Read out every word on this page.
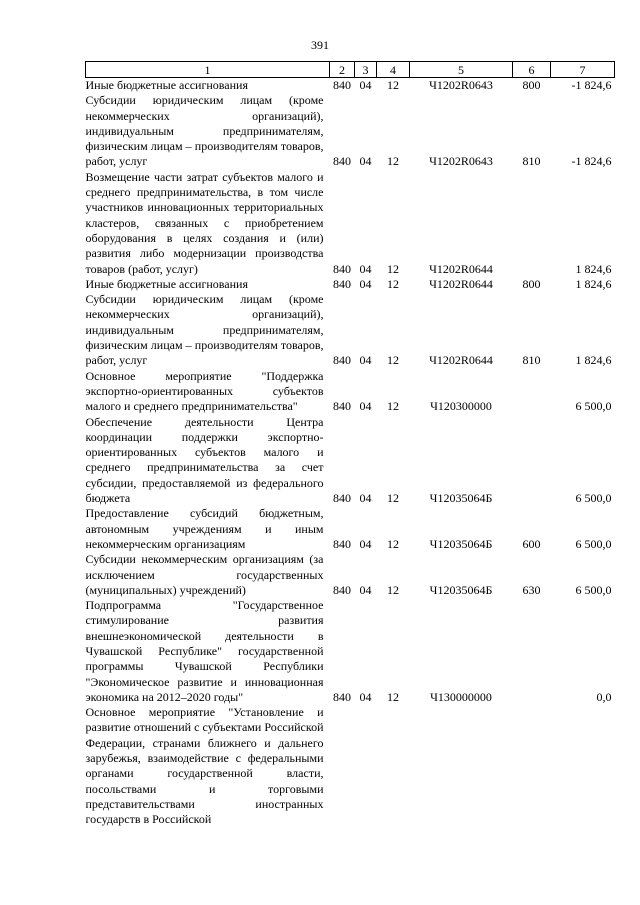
391
1	2	3	4	5	6	7
Иные бюджетные ассигнования	840	04	12	Ч1202R0643	800	-1 824,6
Субсидии юридическим лицам (кроме некоммерческих организаций), индивидуальным предпринимателям, физическим лицам – производителям товаров, работ, услуг	840	04	12	Ч1202R0643	810	-1 824,6
Возмещение части затрат субъектов малого и среднего предпринимательства, в том числе участников инновационных территориальных кластеров, связанных с приобретением оборудования в целях создания и (или) развития либо модернизации производства товаров (работ, услуг)	840	04	12	Ч1202R0644		1 824,6
Иные бюджетные ассигнования	840	04	12	Ч1202R0644	800	1 824,6
Субсидии юридическим лицам (кроме некоммерческих организаций), индивидуальным предпринимателям, физическим лицам – производителям товаров, работ, услуг	840	04	12	Ч1202R0644	810	1 824,6
Основное мероприятие "Поддержка экспортно-ориентированных субъектов малого и среднего предпринимательства"	840	04	12	Ч120300000		6 500,0
Обеспечение деятельности Центра координации поддержки экспортно-ориентированных субъектов малого и среднего предпринимательства за счет субсидии, предоставляемой из федерального бюджета	840	04	12	Ч12035064Б		6 500,0
Предоставление субсидий бюджетным, автономным учреждениям и иным некоммерческим организациям	840	04	12	Ч12035064Б	600	6 500,0
Субсидии некоммерческим организациям (за исключением государственных (муниципальных) учреждений)	840	04	12	Ч12035064Б	630	6 500,0
Подпрограмма "Государственное стимулирование развития внешнеэкономической деятельности в Чувашской Республике" государственной программы Чувашской Республики "Экономическое развитие и инновационная экономика на 2012–2020 годы"	840	04	12	Ч130000000		0,0
Основное мероприятие "Установление и развитие отношений с субъектами Российской Федерации, странами ближнего и дальнего зарубежья, взаимодействие с федеральными органами государственной власти, посольствами и торговыми представительствами иностранных государств в Российской						
